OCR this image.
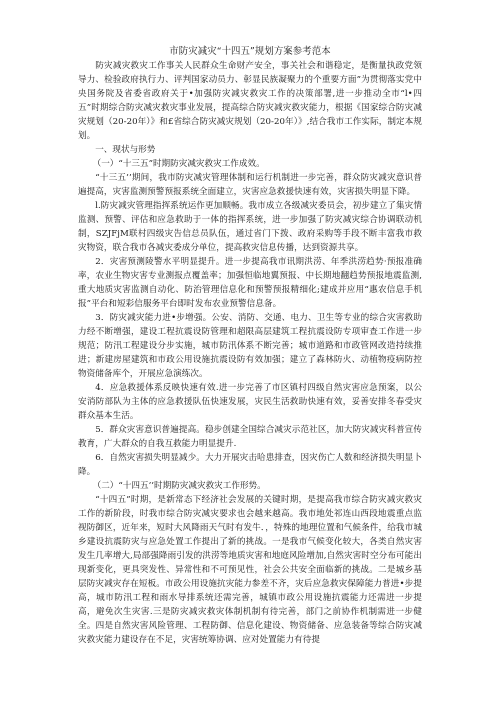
市防灾减灾“十四五”规划方案参考范本
防灾减灾救灾工作事关人民群众生命财产安全，事关社会和谐稳定，是衡量执政党领导力、检验政府执行力、评判国家动员力、彰显民族凝聚力的个重要方面”为贯彻落实党中央国务院及省委省政府关于•加强防灾减灾救灾工作的决策部署,进一步推动全市“l•四五”时期综合防灾减灾救灾事业发展，提高综合防灾减灾救灾能力，根据《国家综合防灾减灾规划（20-20年）》和£省综合防灾减灾规划（20-20年）》,结合我市工作实际，制定本规划。
一、现状与形势
（一）“十三五”时期防灾减灾救灾工作成效。
“十三五’’期间，我市防灾减灾管理体制和运行机制进一步完善，群众防灾减灾意识普遍提高，灾害监测预警预报系统全面建立，灾害应急救援快速有效，灾害损失明显下降。
l.防灾减灾管理指挥系统运作更加顺畅。我市成立各级减灾委员会，初步建立了集灾情监测、预警、评估和应急救助于一体的指挥系统，进一步加强了防灾减灾综合协调联动机制，SZJFjM联村四级灾告信总员队伍，通过省门下拨、政府采购等手段不断丰富我市救灾物资，联合我市各减灾委成分单位，提高救灾信息传播，达到资源共享。
2．灾害预测陵警水平明显提升。进一步提高我市讯期洪涝、年季洪涝趋势·预报准确率，农业生物灾害专业测报点覆盖率；加强恒临地翼预报、中长期地翻趋势预报地震监测,重大地质灾害监测自动化、防治管理信息化和预警预报精细化;建成并应用“惠农信息手机报”平台和短彩信服务平台即时发布农业预警信息备。
3．防灾减灾能力进•步增强。公安、消防、交通、电力、卫生等专业的综合灾害救助力经不断增强，建设工程抗震设防管理和超限高层建筑工程抗震设防专项审查工作进一步规范；防汛工程建设分步实施，城市防汛体系不断完善；城市道路和市政管网改造持续推进；新建房屋建筑和市政公用设施抗震设防有效加强；建立了森林防火、动植物疫病防控物资储备库个，开展应急演练次。
4．应急救援体系反映快速有效.进一步完善了市区镇村四级自然灾害应急预案，以公安消防部队为主体的应急救援队伍快速发展，灾民生活救助快速有效，妥善安排冬春受灾群众基本生活。
5．群众灾害意识普遍提高。稳步创建全国综合减灾示范社区，加大防灾减灾科普宣传教育，广大群众的自我互救能力明显提升.
6．自然灾害损失明显减少。大力开展灾击哈患排查，因灾伤亡人数和经济损失明显卜降。
（二）“十四五’’时期防灾减灾救灾工作形势。
“十四五”时期，是新常态下经济社会发展的关键时期，是提高我市综合防灾减灾救灾工作的新阶段，时我市综合防灾减灾要求也会越来越高。我市地处祁连山西段地震重点监视防御区，近年来，短时大风降雨天气时有发牛．，特殊的地理位置和气候条件，给我市城乡建设抗震防灾与应急处置工作提出了新的挑战。一是我市气候变化较大，各类自然灾害发生几率增大,局部强降雨引发的洪涝等地质灾害和地庭风险增加,自然灾害时空分布可能出现新变化，更具突发性、异常性和不可预见性，社会公共安全面临新的挑战。二是城乡基层防灾减灾存在短板。市政公用设施抗灾能力参差不齐，灾后应急救灾保障能力普进•步提高，城市防汛工程和雨水导排系统还需完善，城镇市政公用设施抗震能力还需进一步提高，避免次生灾害.三是防灾减灾救灾体制机制有待完善，部门之前协作机制需进一步健全。四是自然灾害风险管理、工程防御、信息化建设、物资储备、应急装备等综合防灾减灾救灾能力建设存在不足，灾害统筹协调、应对处置能力有待提
